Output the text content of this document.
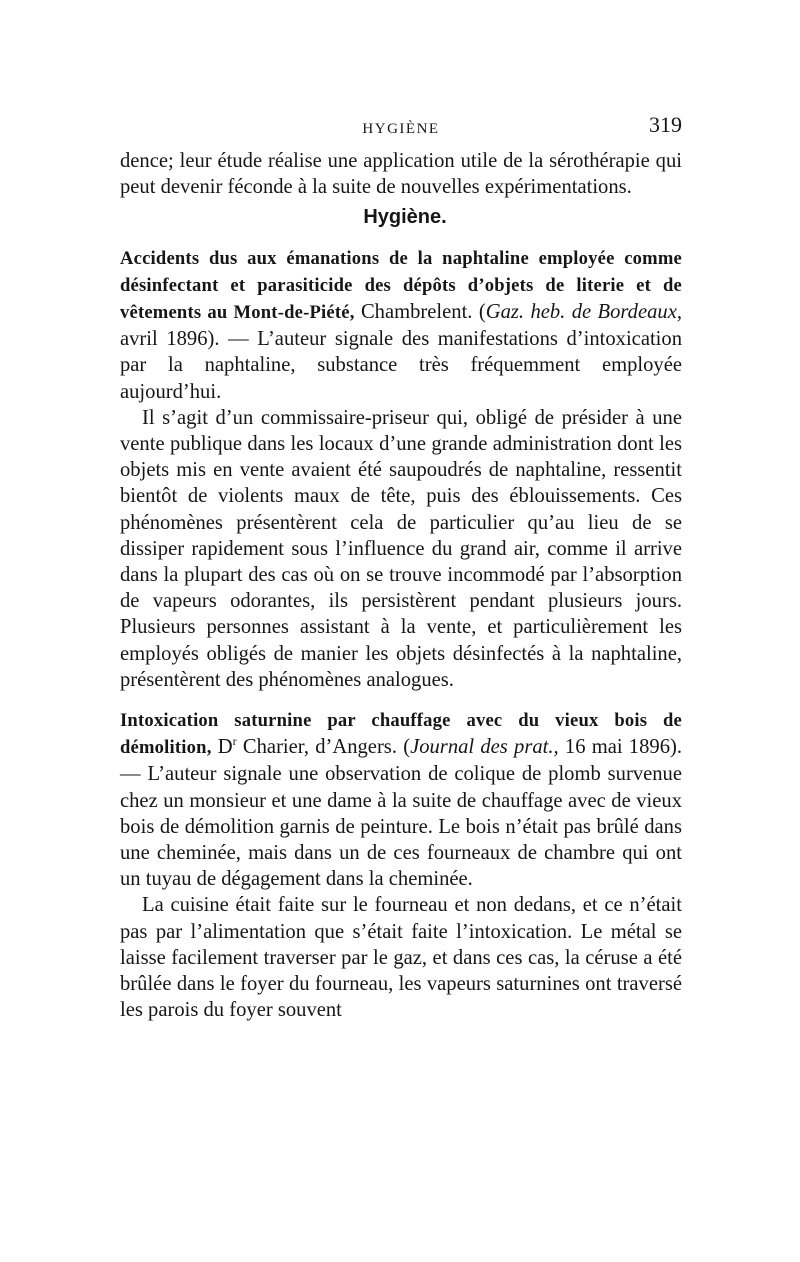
HYGIÈNE	319

dence; leur étude réalise une application utile de la sérothérapie qui peut devenir féconde à la suite de nouvelles expérimentations.

Hygiène.

Accidents dus aux émanations de la naphtaline employée comme désinfectant et parasiticide des dépôts d’objets de literie et de vêtements au Mont-de-Piété, Chambrelent. (Gaz. heb. de Bordeaux, avril 1896). — L’auteur signale des manifestations d’intoxication par la naphtaline, substance très fréquemment employée aujourd’hui.

Il s’agit d’un commissaire-priseur qui, obligé de présider à une vente publique dans les locaux d’une grande administration dont les objets mis en vente avaient été saupoudrés de naphtaline, ressentit bientôt de violents maux de tête, puis des éblouissements. Ces phénomènes présentèrent cela de particulier qu’au lieu de se dissiper rapidement sous l’influence du grand air, comme il arrive dans la plupart des cas où on se trouve incommodé par l’absorption de vapeurs odorantes, ils persistèrent pendant plusieurs jours. Plusieurs personnes assistant à la vente, et particulièrement les employés obligés de manier les objets désinfectés à la naphtaline, présentèrent des phénomènes analogues.

Intoxication saturnine par chauffage avec du vieux bois de démolition, $D^r$ Charier, d’Angers. (Journal des prat., 16 mai 1896). — L’auteur signale une observation de colique de plomb survenue chez un monsieur et une dame à la suite de chauffage avec de vieux bois de démolition garnis de peinture. Le bois n’était pas brûlé dans une cheminée, mais dans un de ces fourneaux de chambre qui ont un tuyau de dégagement dans la cheminée.

La cuisine était faite sur le fourneau et non dedans, et ce n’était pas par l’alimentation que s’était faite l’intoxication. Le métal se laisse facilement traverser par le gaz, et dans ces cas, la céruse a été brûlée dans le foyer du fourneau, les vapeurs saturnines ont traversé les parois du foyer souvent
